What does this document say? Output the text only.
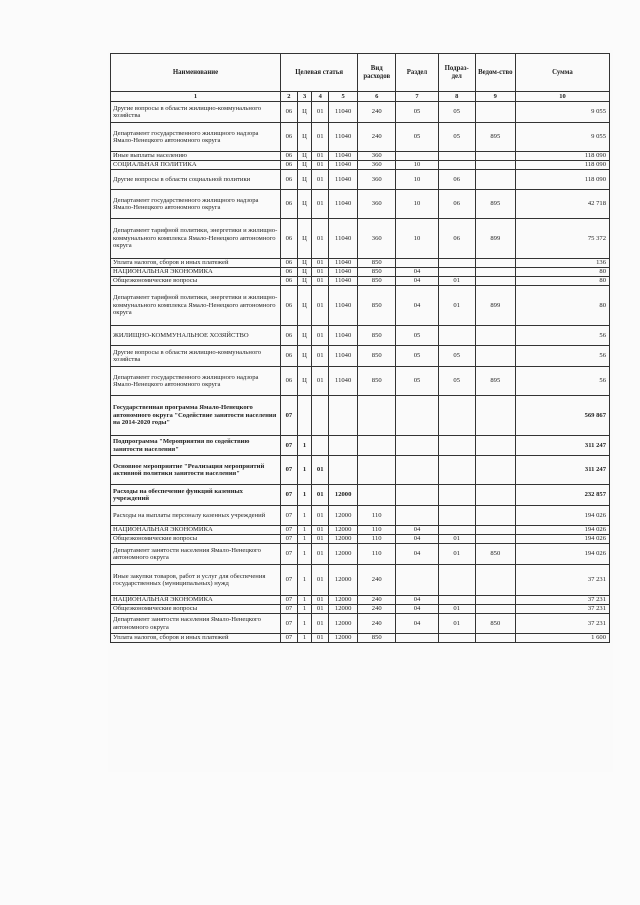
Наименование	Целевая статья				Вид расходов	Раздел	Подраз-дел	Ведом-ство	Сумма
1	2	3	4	5	6	7	8	9	10
Другие вопросы в области жилищно-коммунального хозяйства	06	Ц	01	11040	240	05	05		9 055
Департамент государственного жилищного надзора Ямало-Ненецкого автономного округа	06	Ц	01	11040	240	05	05	895	9 055
Иные выплаты населению	06	Ц	01	11040	360				118 090
СОЦИАЛЬНАЯ ПОЛИТИКА	06	Ц	01	11040	360	10			118 090
Другие вопросы в области социальной политики	06	Ц	01	11040	360	10	06		118 090
Департамент государственного жилищного надзора Ямало-Ненецкого автономного округа	06	Ц	01	11040	360	10	06	895	42 718
Департамент тарифной политики, энергетики и жилищно-коммунального комплекса Ямало-Ненецкого автономного округа	06	Ц	01	11040	360	10	06	899	75 372
Уплата налогов, сборов и иных платежей	06	Ц	01	11040	850				136
НАЦИОНАЛЬНАЯ ЭКОНОМИКА	06	Ц	01	11040	850	04			80
Общеэкономические вопросы	06	Ц	01	11040	850	04	01		80
Департамент тарифной политики, энергетики и жилищно-коммунального комплекса Ямало-Ненецкого автономного округа	06	Ц	01	11040	850	04	01	899	80
ЖИЛИЩНО-КОММУНАЛЬНОЕ ХОЗЯЙСТВО	06	Ц	01	11040	850	05			56
Другие вопросы в области жилищно-коммунального хозяйства	06	Ц	01	11040	850	05	05		56
Департамент государственного жилищного надзора Ямало-Ненецкого автономного округа	06	Ц	01	11040	850	05	05	895	56
Государственная программа Ямало-Ненецкого автономного округа "Содействие занятости населения на 2014-2020 годы"	07								569 867
Подпрограмма "Мероприятия по содействию занятости населения"	07	1							311 247
Основное мероприятие "Реализация мероприятий активной политики занятости населения"	07	1	01						311 247
Расходы на обеспечение функций казенных учреждений	07	1	01	12000					232 857
Расходы на выплаты персоналу казенных учреждений	07	1	01	12000	110				194 026
НАЦИОНАЛЬНАЯ ЭКОНОМИКА	07	1	01	12000	110	04			194 026
Общеэкономические вопросы	07	1	01	12000	110	04	01		194 026
Департамент занятости населения Ямало-Ненецкого автономного округа	07	1	01	12000	110	04	01	850	194 026
Иные закупки товаров, работ и услуг для обеспечения государственных (муниципальных) нужд	07	1	01	12000	240				37 231
НАЦИОНАЛЬНАЯ ЭКОНОМИКА	07	1	01	12000	240	04			37 231
Общеэкономические вопросы	07	1	01	12000	240	04	01		37 231
Департамент занятости населения Ямало-Ненецкого автономного округа	07	1	01	12000	240	04	01	850	37 231
Уплата налогов, сборов и иных платежей	07	1	01	12000	850				1 600
